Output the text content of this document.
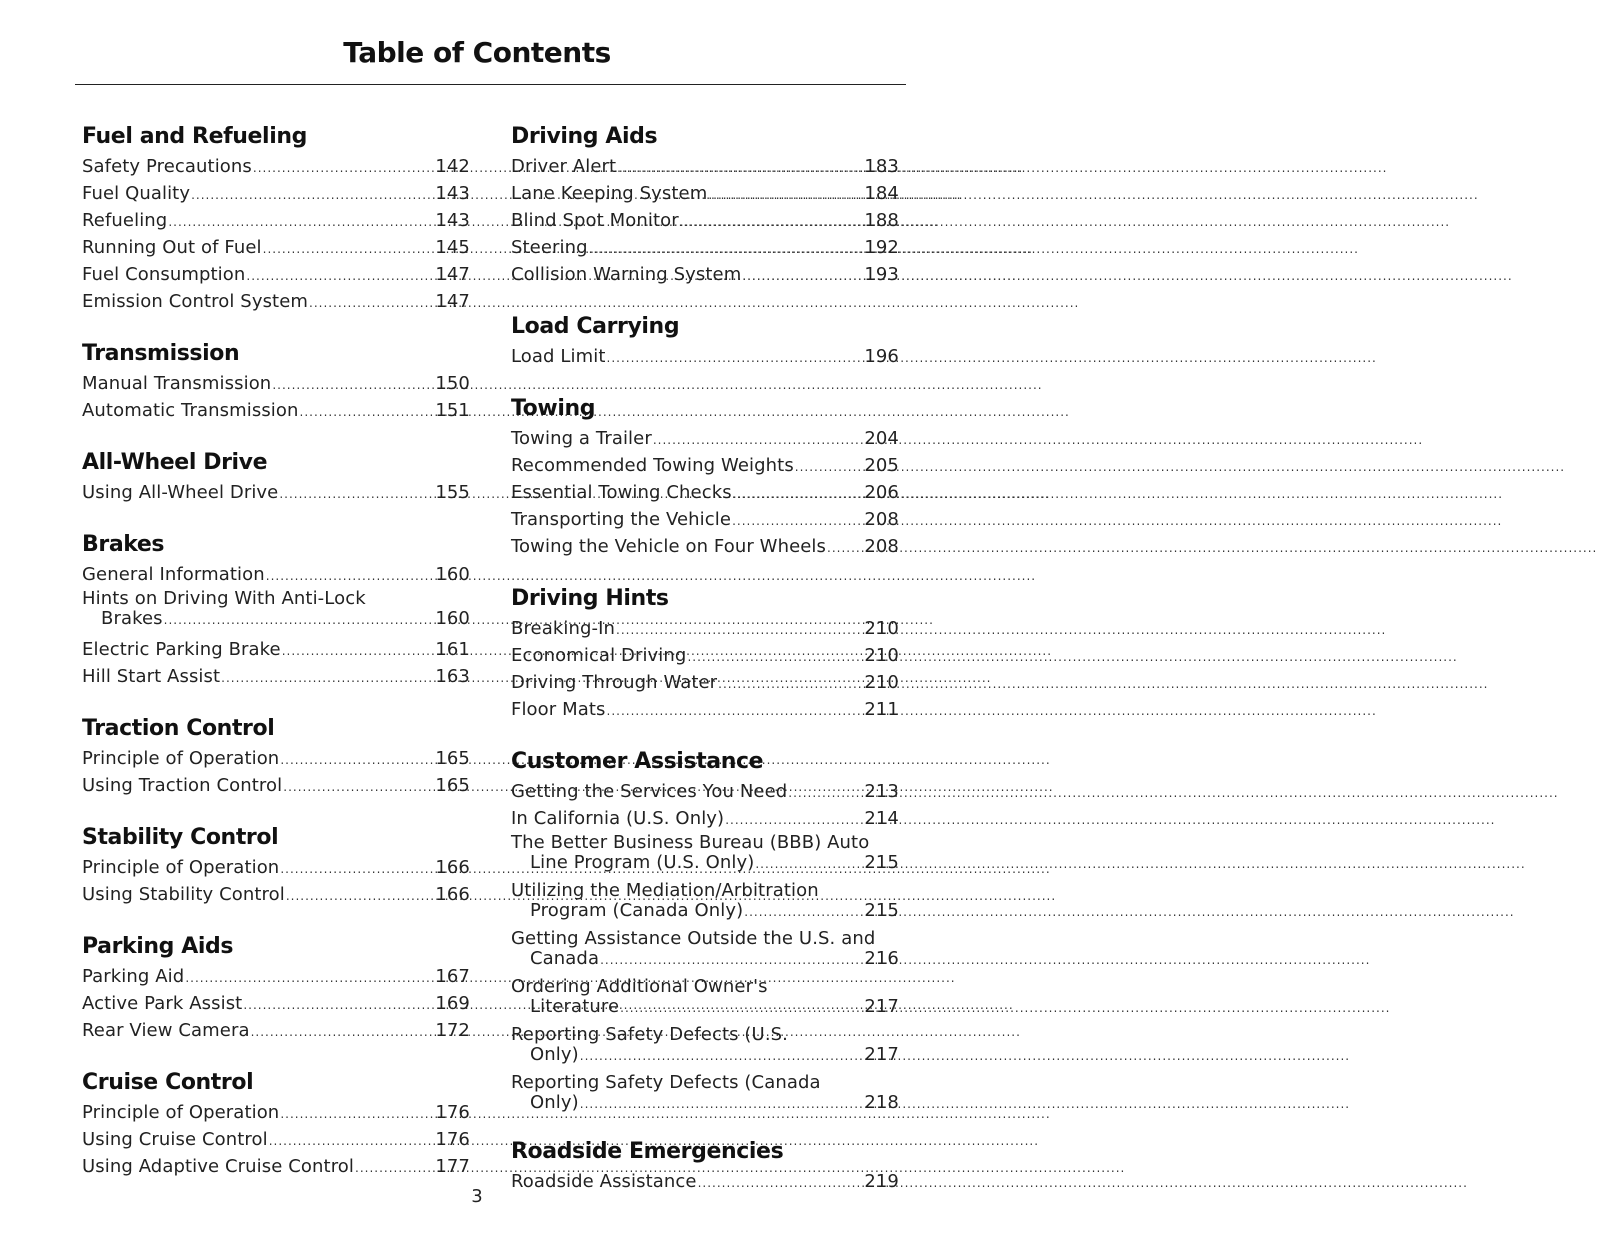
Table of Contents
Fuel and Refueling
Safety Precautions .....	142
Fuel Quality .....	143
Refueling .....	143
Running Out of Fuel .....	145
Fuel Consumption .....	147
Emission Control System .....	147
Transmission
Manual Transmission .....	150
Automatic Transmission .....	151
All-Wheel Drive
Using All-Wheel Drive .....	155
Brakes
General Information .....	160
Hints on Driving With Anti-Lock
Brakes .....	160
Electric Parking Brake .....	161
Hill Start Assist .....	163
Traction Control
Principle of Operation .....	165
Using Traction Control .....	165
Stability Control
Principle of Operation .....	166
Using Stability Control .....	166
Parking Aids
Parking Aid .....	167
Active Park Assist .....	169
Rear View Camera .....	172
Cruise Control
Principle of Operation .....	176
Using Cruise Control .....	176
Using Adaptive Cruise Control .....	177
Driving Aids
Driver Alert .....	183
Lane Keeping System .....	184
Blind Spot Monitor .....	188
Steering .....	192
Collision Warning System .....	193
Load Carrying
Load Limit .....	196
Towing
Towing a Trailer .....	204
Recommended Towing Weights .....	205
Essential Towing Checks .....	206
Transporting the Vehicle .....	208
Towing the Vehicle on Four Wheels ..... 208
Driving Hints
Breaking-In .....	210
Economical Driving .....	210
Driving Through Water .....	210
Floor Mats .....	211
Customer Assistance
Getting the Services You Need .....	213
In California (U.S. Only) .....	214
The Better Business Bureau (BBB) Auto
Line Program (U.S. Only) .....	215
Utilizing the Mediation/Arbitration
Program (Canada Only) .....	215
Getting Assistance Outside the U.S. and
Canada .....	216
Ordering Additional Owner's
Literature .....	217
Reporting Safety Defects (U.S.
Only) .....	217
Reporting Safety Defects (Canada
Only) .....	218
Roadside Emergencies
Roadside Assistance .....	219
3
